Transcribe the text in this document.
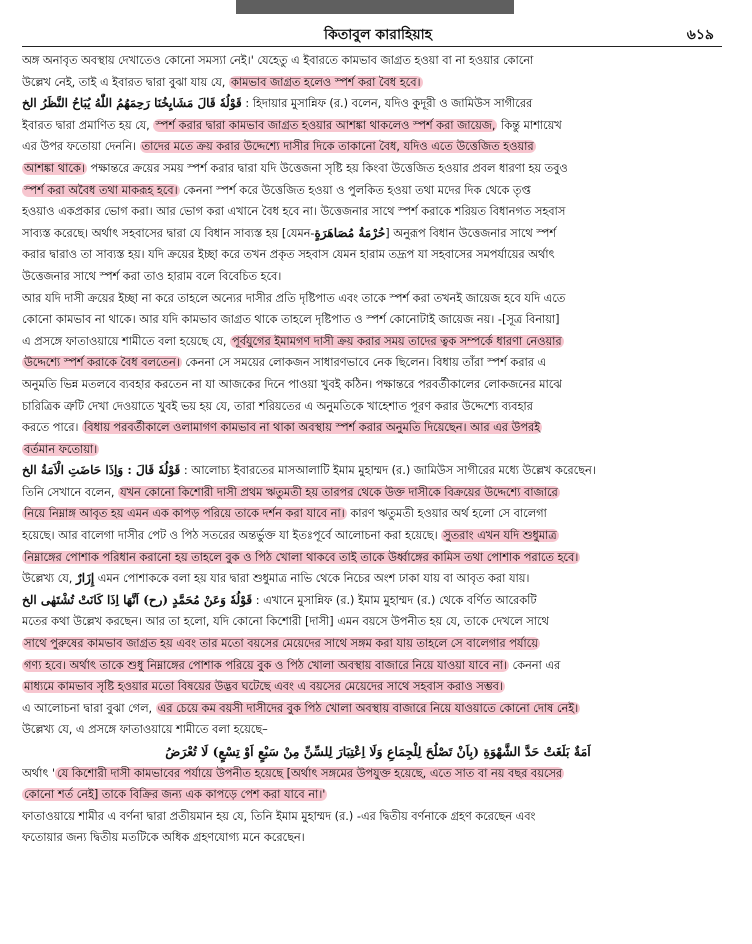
কিতাবুল কারাহিয়াহ	৬১৯
অঙ্গ অনাবৃত অবস্থায় দেখাতেও কোনো সমস্যা নেই।' যেহেতু এ ইবারতে কামভাব জাগ্রত হওয়া বা না হওয়ার কোনো
উল্লেখ নেই, তাই এ ইবারত দ্বারা বুঝা যায় যে, কামভাব জাগ্রত হলেও স্পর্শ করা বৈধ হবে।
قَوْلُهٗ قَالَ مَشَايِخُنَا رَحِمَهُمُ اللّٰهُ يُبَاحُ النَّظَرُ الخ : হিদায়ার মুসান্নিফ (র.) বলেন, যদিও কুদূরী ও জামিউস সাগীরের
ইবারত দ্বারা প্রমাণিত হয় যে, স্পর্শ করার দ্বারা কামভাব জাগ্রত হওয়ার আশঙ্কা থাকলেও স্পর্শ করা জায়েজ, কিন্তু মাশায়েখ
এর উপর ফতোয়া দেননি। তাদের মতে ক্রয় করার উদ্দেশ্যে দাসীর দিকে তাকানো বৈধ, যদিও এতে উত্তেজিত হওয়ার
আশঙ্কা থাকে। পক্ষান্তরে ক্রয়ের সময় স্পর্শ করার দ্বারা যদি উত্তেজনা সৃষ্টি হয় কিংবা উত্তেজিত হওয়ার প্রবল ধারণা হয় তবুও
স্পর্শ করা অবৈধ তথা মাকরূহ হবে। কেননা স্পর্শ করে উত্তেজিত হওয়া ও পুলকিত হওয়া তথা মদের দিক থেকে তৃপ্ত
হওয়াও একপ্রকার ভোগ করা। আর ভোগ করা এখানে বৈধ হবে না। উত্তেজনার সাথে স্পর্শ করাকে শরিয়ত বিধানগত সহবাস
সাব্যস্ত করেছে। অর্থাৎ সহবাসের দ্বারা যে বিধান সাব্যস্ত হয় [যেমন-حُرْمَةُ مُصَاهَرَةٍ] অনুরূপ বিধান উত্তেজনার সাথে স্পর্শ
করার দ্বারাও তা সাব্যস্ত হয়। যদি ক্রয়ের ইচ্ছা করে তখন প্রকৃত সহবাস যেমন হারাম তদ্রূপ যা সহবাসের সমপর্যায়ের অর্থাৎ
উত্তেজনার সাথে স্পর্শ করা তাও হারাম বলে বিবেচিত হবে।
আর যদি দাসী ক্রয়ের ইচ্ছা না করে তাহলে অন্যের দাসীর প্রতি দৃষ্টিপাত এবং তাকে স্পর্শ করা তখনই জায়েজ হবে যদি এতে
কোনো কামভাব না থাকে। আর যদি কামভাব জাগ্রত থাকে তাহলে দৃষ্টিপাত ও স্পর্শ কোনোটাই জায়েজ নয়। -[সূত্র বিনায়া]
এ প্রসঙ্গে ফাতাওয়ায়ে শামীতে বলা হয়েছে যে, পূর্বযুগের ইমামগণ দাসী ক্রয় করার সময় তাদের ত্বক সম্পর্কে ধারণা নেওয়ার
উদ্দেশ্যে স্পর্শ করাকে বৈধ বলতেন। কেননা সে সময়ের লোকজন সাধারণভাবে নেক ছিলেন। বিধায় তাঁরা স্পর্শ করার এ
অনুমতি ভিন্ন মতলবে ব্যবহার করতেন না যা আজকের দিনে পাওয়া খুবই কঠিন। পক্ষান্তরে পরবর্তীকালের লোকজনের মাঝে
চারিত্রিক ত্রুটি দেখা দেওয়াতে খুবই ভয় হয় যে, তারা শরিয়তের এ অনুমতিকে খাহেশাত পূরণ করার উদ্দেশ্যে ব্যবহার
করতে পারে। বিধায় পরবর্তীকালে ওলামাগণ কামভাব না থাকা অবস্থায় স্পর্শ করার অনুমতি দিয়েছেন। আর এর উপরই
বর্তমান ফতোয়া।
قَوْلُهٗ قَالَ : وَاِذَا حَاضَتِ الْاَمَةُ الخ : আলোচ্য ইবারতের মাসআলাটি ইমাম মুহাম্মদ (র.) জামিউস সাগীরের মধ্যে উল্লেখ করেছেন।
তিনি সেখানে বলেন, যখন কোনো কিশোরী দাসী প্রথম ঋতুমতী হয় তারপর থেকে উক্ত দাসীকে বিক্রয়ের উদ্দেশ্যে বাজারে
নিয়ে নিম্নাঙ্গ আবৃত হয় এমন এক কাপড় পরিয়ে তাকে দর্শন করা যাবে না। কারণ ঋতুমতী হওয়ার অর্থ হলো সে বালেগা
হয়েছে। আর বালেগা দাসীর পেট ও পিঠ সতরের অন্তর্ভুক্ত যা ইতঃপূর্বে আলোচনা করা হয়েছে। সুতরাং এখন যদি শুধুমাত্র
নিম্নাঙ্গের পোশাক পরিধান করানো হয় তাহলে বুক ও পিঠ খোলা থাকবে তাই তাকে উর্ধ্বাঙ্গের কামিস তথা পোশাক পরাতে হবে।
উল্লেখ্য যে, إِزَارٌ এমন পোশাককে বলা হয় যার দ্বারা শুধুমাত্র নাভি থেকে নিচের অংশ ঢাকা যায় বা আবৃত করা যায়।
قَوْلُهٗ وَعَنْ مُحَمَّدٍ (رح) اَنَّهَا اِذَا كَانَتْ تُشْتَهٰى الخ : এখানে মুসান্নিফ (র.) ইমাম মুহাম্মদ (র.) থেকে বর্ণিত আরেকটি
মতের কথা উল্লেখ করছেন। আর তা হলো, যদি কোনো কিশোরী [দাসী] এমন বয়সে উপনীত হয় যে, তাকে দেখলে সাথে
সাথে পুরুষের কামভাব জাগ্রত হয় এবং তার মতো বয়সের মেয়েদের সাথে সঙ্গম করা যায় তাহলে সে বালেগার পর্যায়ে
গণ্য হবে। অর্থাৎ তাকে শুধু নিম্নাঙ্গের পোশাক পরিয়ে বুক ও পিঠ খোলা অবস্থায় বাজারে নিয়ে যাওয়া যাবে না। কেননা এর
মাধ্যমে কামভাব সৃষ্টি হওয়ার মতো বিষয়ের উদ্ভব ঘটেছে এবং এ বয়সের মেয়েদের সাথে সহবাস করাও সম্ভব।
এ আলোচনা দ্বারা বুঝা গেল, এর চেয়ে কম বয়সী দাসীদের বুক পিঠ খোলা অবস্থায় বাজারে নিয়ে যাওয়াতে কোনো দোষ নেই।
উল্লেখ্য যে, এ প্রসঙ্গে ফাতাওয়ায়ে শামীতে বলা হয়েছে–
اَمَةٌ بَلَغَتْ حَدَّ الشَّهْوَةِ (بِاَنْ تَصْلُحَ لِلْجِمَاعِ وَلَا اِعْتِبَارَ لِلسِّنِّ مِنْ سَبْعٍ اَوْ تِسْعٍ) لَا تُعْرَضُ
অর্থাৎ ' যে কিশোরী দাসী কামভাবের পর্যায়ে উপনীত হয়েছে [অর্থাৎ সঙ্গমের উপযুক্ত হয়েছে, এতে সাত বা নয় বছর বয়সের
কোনো শর্ত নেই] তাকে বিক্রির জন্য এক কাপড়ে পেশ করা যাবে না।'
ফাতাওয়ায়ে শামীর এ বর্ণনা দ্বারা প্রতীয়মান হয় যে, তিনি ইমাম মুহাম্মদ (র.) -এর দ্বিতীয় বর্ণনাকে গ্রহণ করেছেন এবং
ফতোয়ার জন্য দ্বিতীয় মতটিকে অধিক গ্রহণযোগ্য মনে করেছেন।
